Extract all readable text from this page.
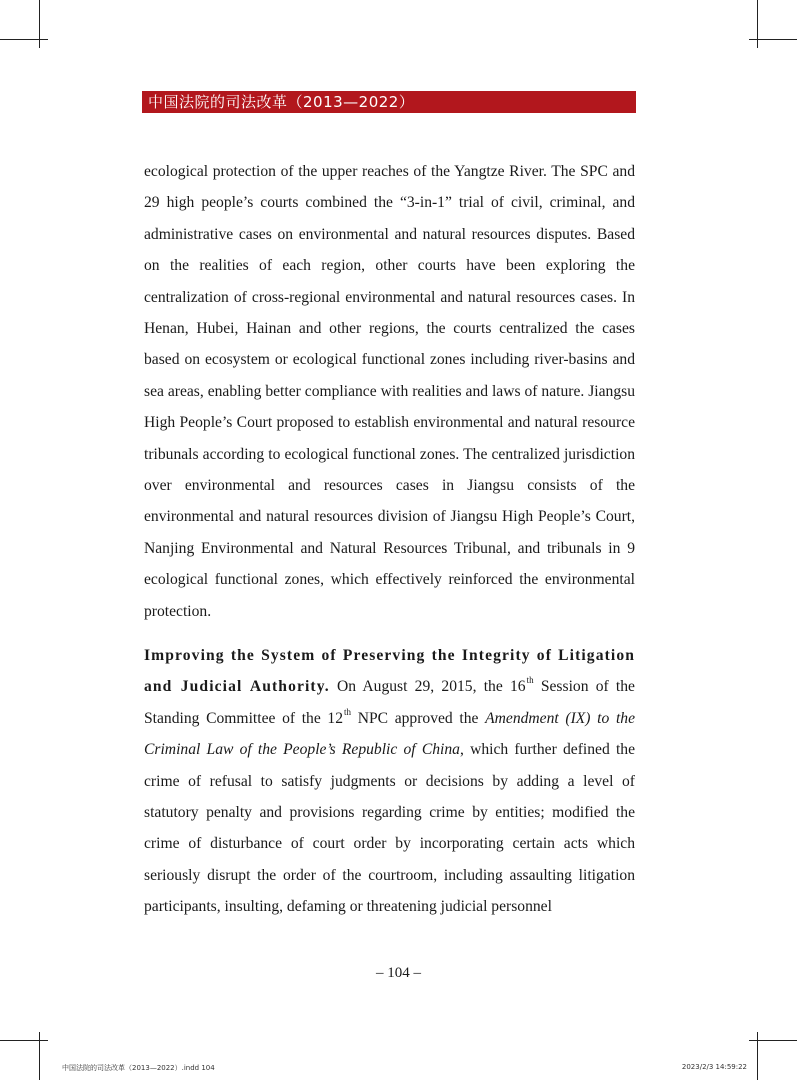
中国法院的司法改革（2013—2022）

ecological protection of the upper reaches of the Yangtze River. The SPC and 29 high people’s courts combined the “3-in-1” trial of civil, criminal, and administrative cases on environmental and natural resources disputes. Based on the realities of each region, other courts have been exploring the centralization of cross-regional environmental and natural resources cases. In Henan, Hubei, Hainan and other regions, the courts centralized the cases based on ecosystem or ecological functional zones including river-basins and sea areas, enabling better compliance with realities and laws of nature. Jiangsu High People’s Court proposed to establish environmental and natural resource tribunals according to ecological functional zones. The centralized jurisdiction over environmental and resources cases in Jiangsu consists of the environmental and natural resources division of Jiangsu High People’s Court, Nanjing Environmental and Natural Resources Tribunal, and tribunals in 9 ecological functional zones, which effectively reinforced the environmental protection.

Improving the System of Preserving the Integrity of Litigation and Judicial Authority. On August 29, 2015, the 16th Session of the Standing Committee of the 12th NPC approved the Amendment (IX) to the Criminal Law of the People’s Republic of China, which further defined the crime of refusal to satisfy judgments or decisions by adding a level of statutory penalty and provisions regarding crime by entities; modified the crime of disturbance of court order by incorporating certain acts which seriously disrupt the order of the courtroom, including assaulting litigation participants, insulting, defaming or threatening judicial personnel

– 104 –
中国法院的司法改革（2013—2022）.indd 104	2023/2/3 14:59:22
